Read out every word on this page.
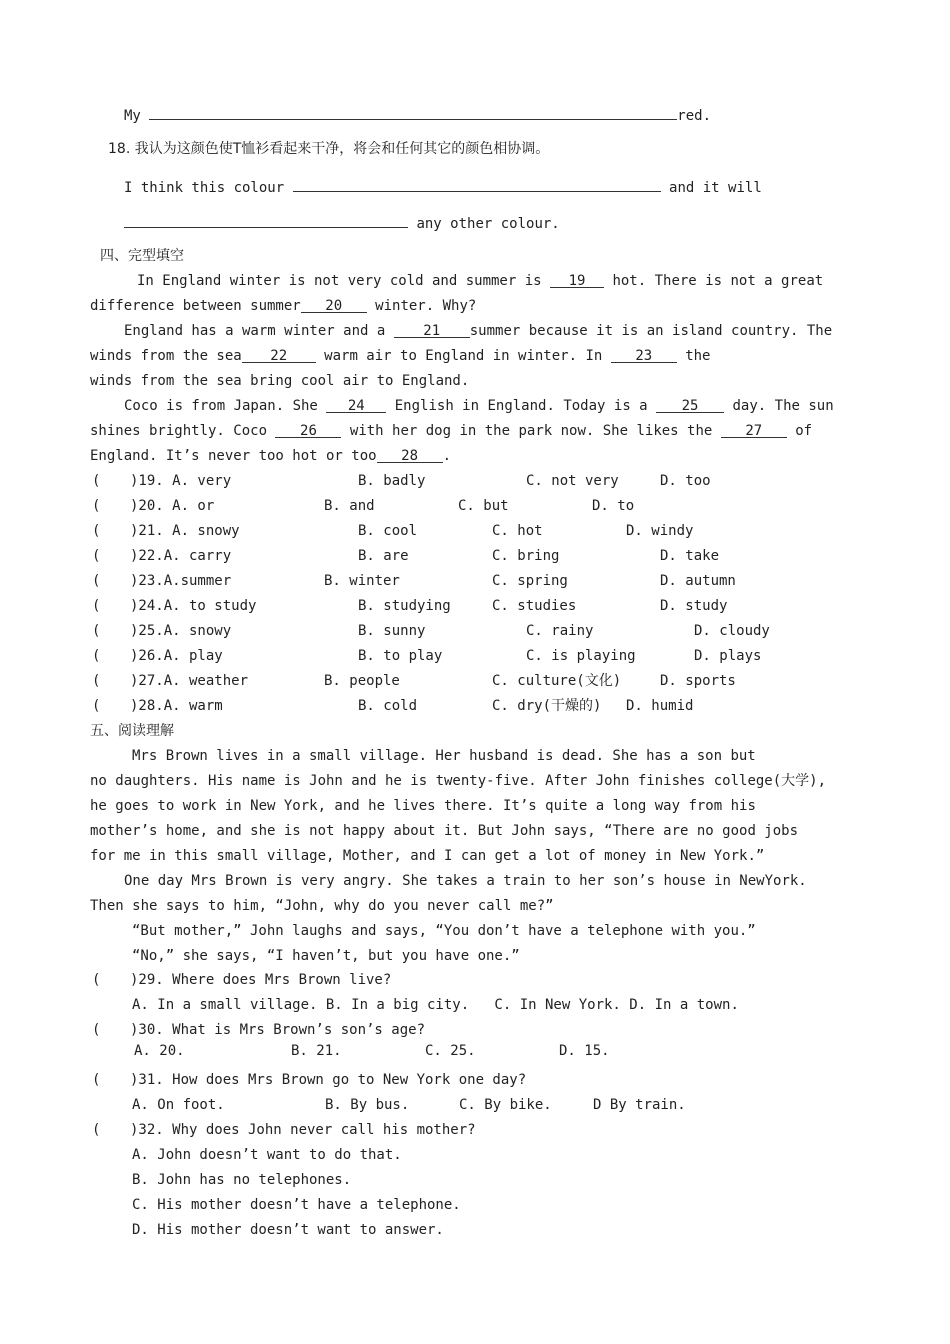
My	red.
18. 我认为这颜色使T恤衫看起来干净，将会和任何其它的颜色相协调。
I think this colour	and it will
any other colour.
四、完型填空
In England winter is not very cold and summer is 19 hot. There is not a great
difference between summer 20 winter. Why?
England has a warm winter and a	21 summer because it is an island country. The
winds from the sea 22	warm air to England in winter. In 23 the
winds from the sea bring cool air to England.
Coco is from Japan. She 24 English in England. Today is a 25 day. The sun
shines brightly. Coco 26 with her dog in the park now. She likes the 27 of
England. It’s never too hot or too 28 .
( )19. A. very	B. badly	C. not very	D. too
( )20. A. or	B. and	C. but	D. to
( )21. A. snowy	B. cool	C. hot	D. windy
( )22.A. carry	B. are	C. bring	D. take
( )23.A.summer	B. winter	C. spring	D. autumn
( )24.A. to study	B. studying	C. studies	D. study
( )25.A. snowy	B. sunny	C. rainy	D. cloudy
( )26.A. play	B. to play	C. is playing	D. plays
( )27.A. weather	B. people	C. culture(文化)	D. sports
( )28.A. warm	B. cold	C. dry(干燥的) D. humid
五、阅读理解
Mrs Brown lives in a small village. Her husband is dead. She has a son but
no daughters. His name is John and he is twenty-five. After John finishes college(大学),
he goes to work in New York, and he lives there. It’s quite a long way from his
mother’s home, and she is not happy about it. But John says, “There are no good jobs
for me in this small village, Mother, and I can get a lot of money in New York.”
One day Mrs Brown is very angry. She takes a train to her son’s house in NewYork.
Then she says to him, “John, why do you never call me?”
“But mother,” John laughs and says, “You don’t have a telephone with you.”
“No,” she says, “I haven’t, but you have one.”
( )29. Where does Mrs Brown live?
A. In a small village. B. In a big city.   C. In New York. D. In a town.
( )30. What is Mrs Brown’s son’s age?
A. 20.	B. 21.	C. 25.	D. 15.
( )31. How does Mrs Brown go to New York one day?
A. On foot.	B. By bus.	C. By bike.	D By train.
( )32. Why does John never call his mother?
A. John doesn’t want to do that.
B. John has no telephones.
C. His mother doesn’t have a telephone.
D. His mother doesn’t want to answer.
